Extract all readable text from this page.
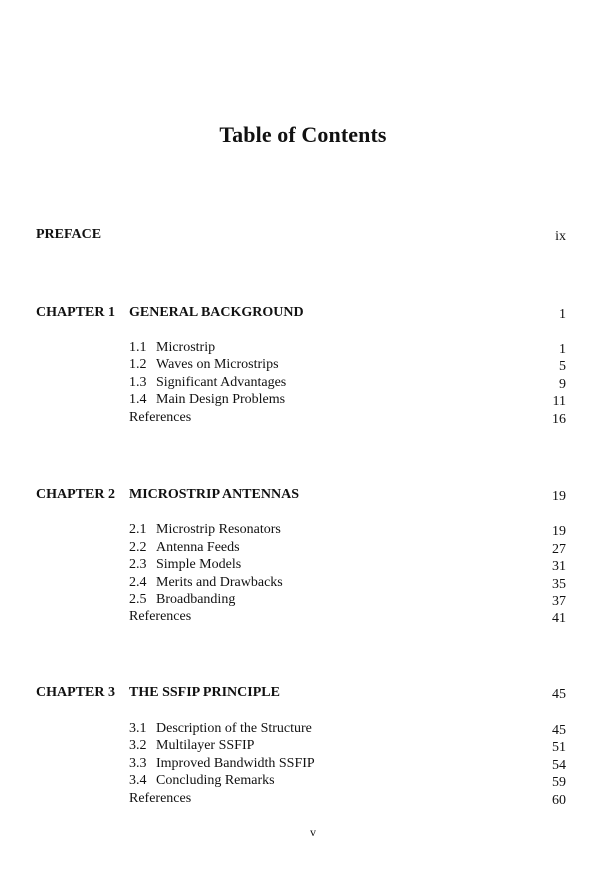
Table of Contents
PREFACE	ix
CHAPTER 1 GENERAL BACKGROUND	1
1.1 Microstrip	1
1.2 Waves on Microstrips	5
1.3 Significant Advantages	9
1.4 Main Design Problems	11
References	16
CHAPTER 2 MICROSTRIP ANTENNAS	19
2.1 Microstrip Resonators	19
2.2 Antenna Feeds	27
2.3 Simple Models	31
2.4 Merits and Drawbacks	35
2.5 Broadbanding	37
References	41
CHAPTER 3 THE SSFIP PRINCIPLE	45
3.1 Description of the Structure	45
3.2 Multilayer SSFIP	51
3.3 Improved Bandwidth SSFIP	54
3.4 Concluding Remarks	59
References	60
v
